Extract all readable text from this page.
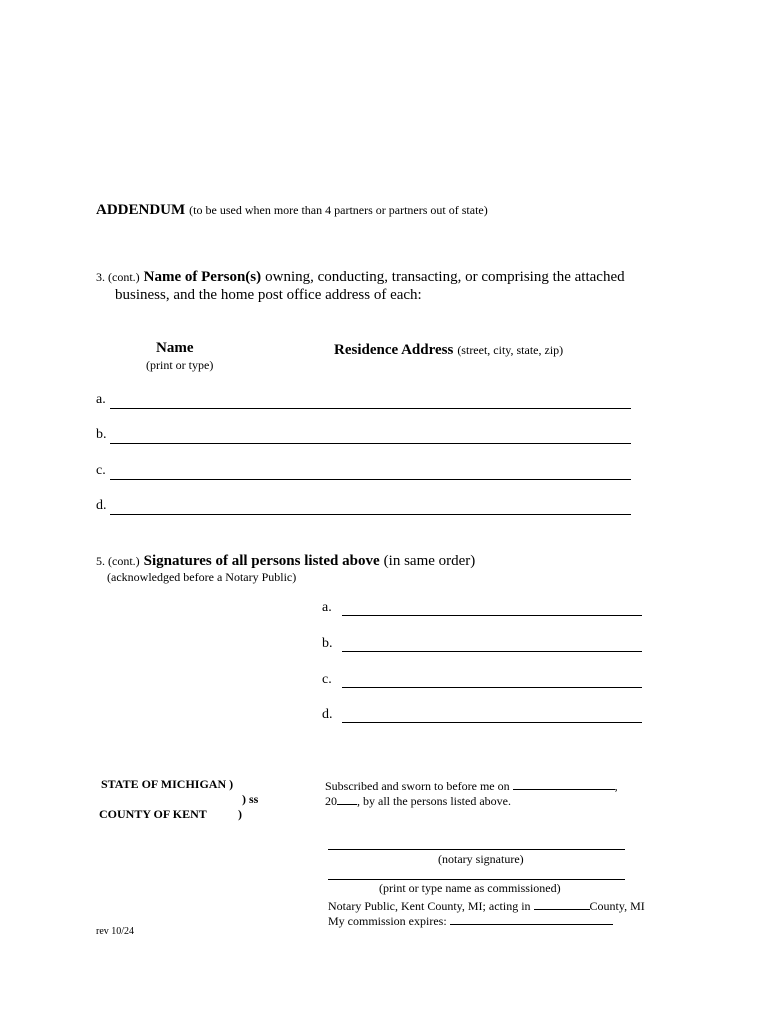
ADDENDUM (to be used when more than 4 partners or partners out of state)
3. (cont.) Name of Person(s) owning, conducting, transacting, or comprising the attached
business, and the home post office address of each:
Name
(print or type)
Residence Address (street, city, state, zip)
a.
b.
c.
d.
5. (cont.) Signatures of all persons listed above (in same order)
(acknowledged before a Notary Public)
a.
b.
c.
d.
STATE OF MICHIGAN )
) ss
COUNTY OF KENT	)
Subscribed and sworn to before me on	,
20 , by all the persons listed above.
(notary signature)
(print or type name as commissioned)
Notary Public, Kent County, MI; acting in	County, MI
My commission expires:
rev 10/24
